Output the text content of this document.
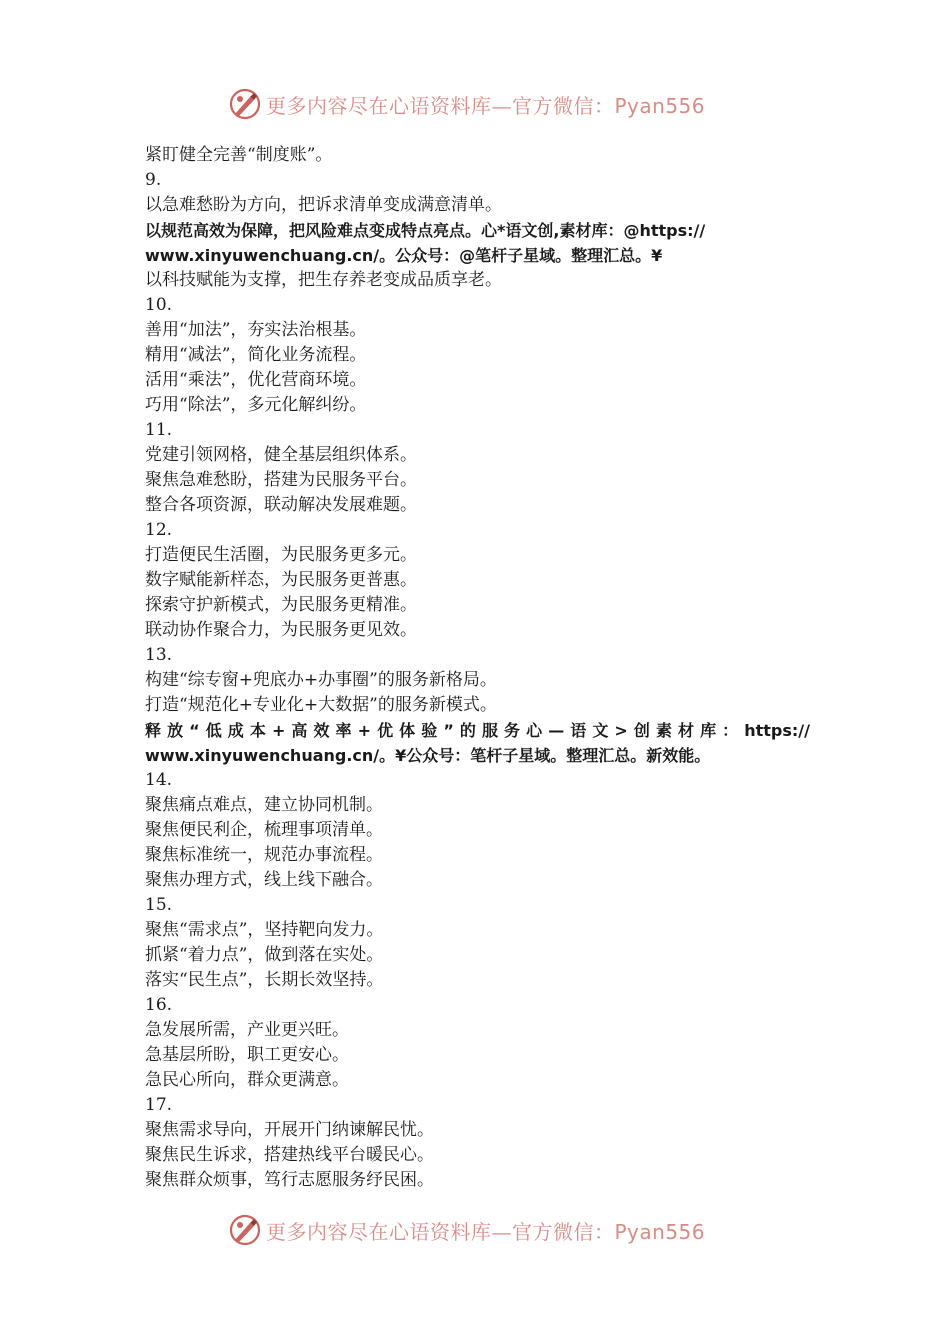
更多内容尽在心语资料库—官方微信：Pyan556
紧盯健全完善“制度账”。
9.
以急难愁盼为方向，把诉求清单变成满意清单。
以规范高效为保障，把风险难点变成特点亮点。心*语文创,素材库：@https://
www.xinyuwenchuang.cn/。公众号：@笔杆子星域。整理汇总。¥
以科技赋能为支撑，把生存养老变成品质享老。
10.
善用“加法”，夯实法治根基。
精用“减法”，简化业务流程。
活用“乘法”，优化营商环境。
巧用“除法”，多元化解纠纷。
11.
党建引领网格，健全基层组织体系。
聚焦急难愁盼，搭建为民服务平台。
整合各项资源，联动解决发展难题。
12.
打造便民生活圈，为民服务更多元。
数字赋能新样态，为民服务更普惠。
探索守护新模式，为民服务更精准。
联动协作聚合力，为民服务更见效。
13.
构建“综专窗+兜底办+办事圈”的服务新格局。
打造“规范化+专业化+大数据”的服务新模式。
释放“低成本+高效率+优体验”的服务心—语文>创素材库：https://
www.xinyuwenchuang.cn/。¥公众号：笔杆子星域。整理汇总。新效能。
14.
聚焦痛点难点，建立协同机制。
聚焦便民利企，梳理事项清单。
聚焦标准统一，规范办事流程。
聚焦办理方式，线上线下融合。
15.
聚焦“需求点”，坚持靶向发力。
抓紧“着力点”，做到落在实处。
落实“民生点”，长期长效坚持。
16.
急发展所需，产业更兴旺。
急基层所盼，职工更安心。
急民心所向，群众更满意。
17.
聚焦需求导向，开展开门纳谏解民忧。
聚焦民生诉求，搭建热线平台暖民心。
聚焦群众烦事，笃行志愿服务纾民困。
更多内容尽在心语资料库—官方微信：Pyan556
